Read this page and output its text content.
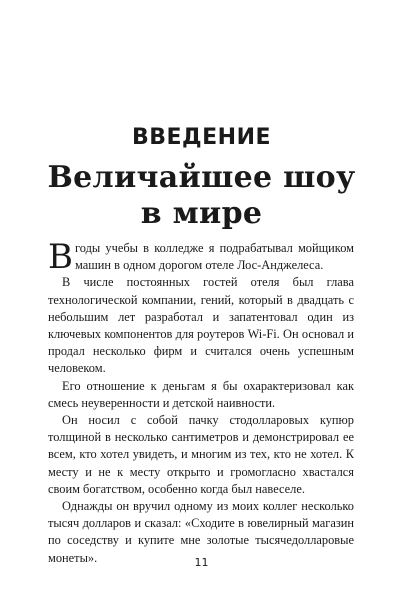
ВВЕДЕНИЕ
Величайшее шоу
в мире

Вгоды учебы в колледже я подрабатывал мойщиком машин в одном дорогом отеле Лос-Анджелеса.

В числе постоянных гостей отеля был глава технологической компании, гений, который в двадцать с небольшим лет разработал и запатентовал один из ключевых компонентов для роутеров Wi-Fi. Он основал и продал несколько фирм и считался очень успешным человеком.

Его отношение к деньгам я бы охарактеризовал как смесь неуверенности и детской наивности.

Он носил с собой пачку стодолларовых купюр толщиной в несколько сантиметров и демонстрировал ее всем, кто хотел увидеть, и многим из тех, кто не хотел. К месту и не к месту открыто и громогласно хвастался своим богатством, особенно когда был навеселе.

Однажды он вручил одному из моих коллег несколько тысяч долларов и сказал: «Сходите в ювелирный магазин по соседству и купите мне золотые тысячедолларовые монеты».	11
